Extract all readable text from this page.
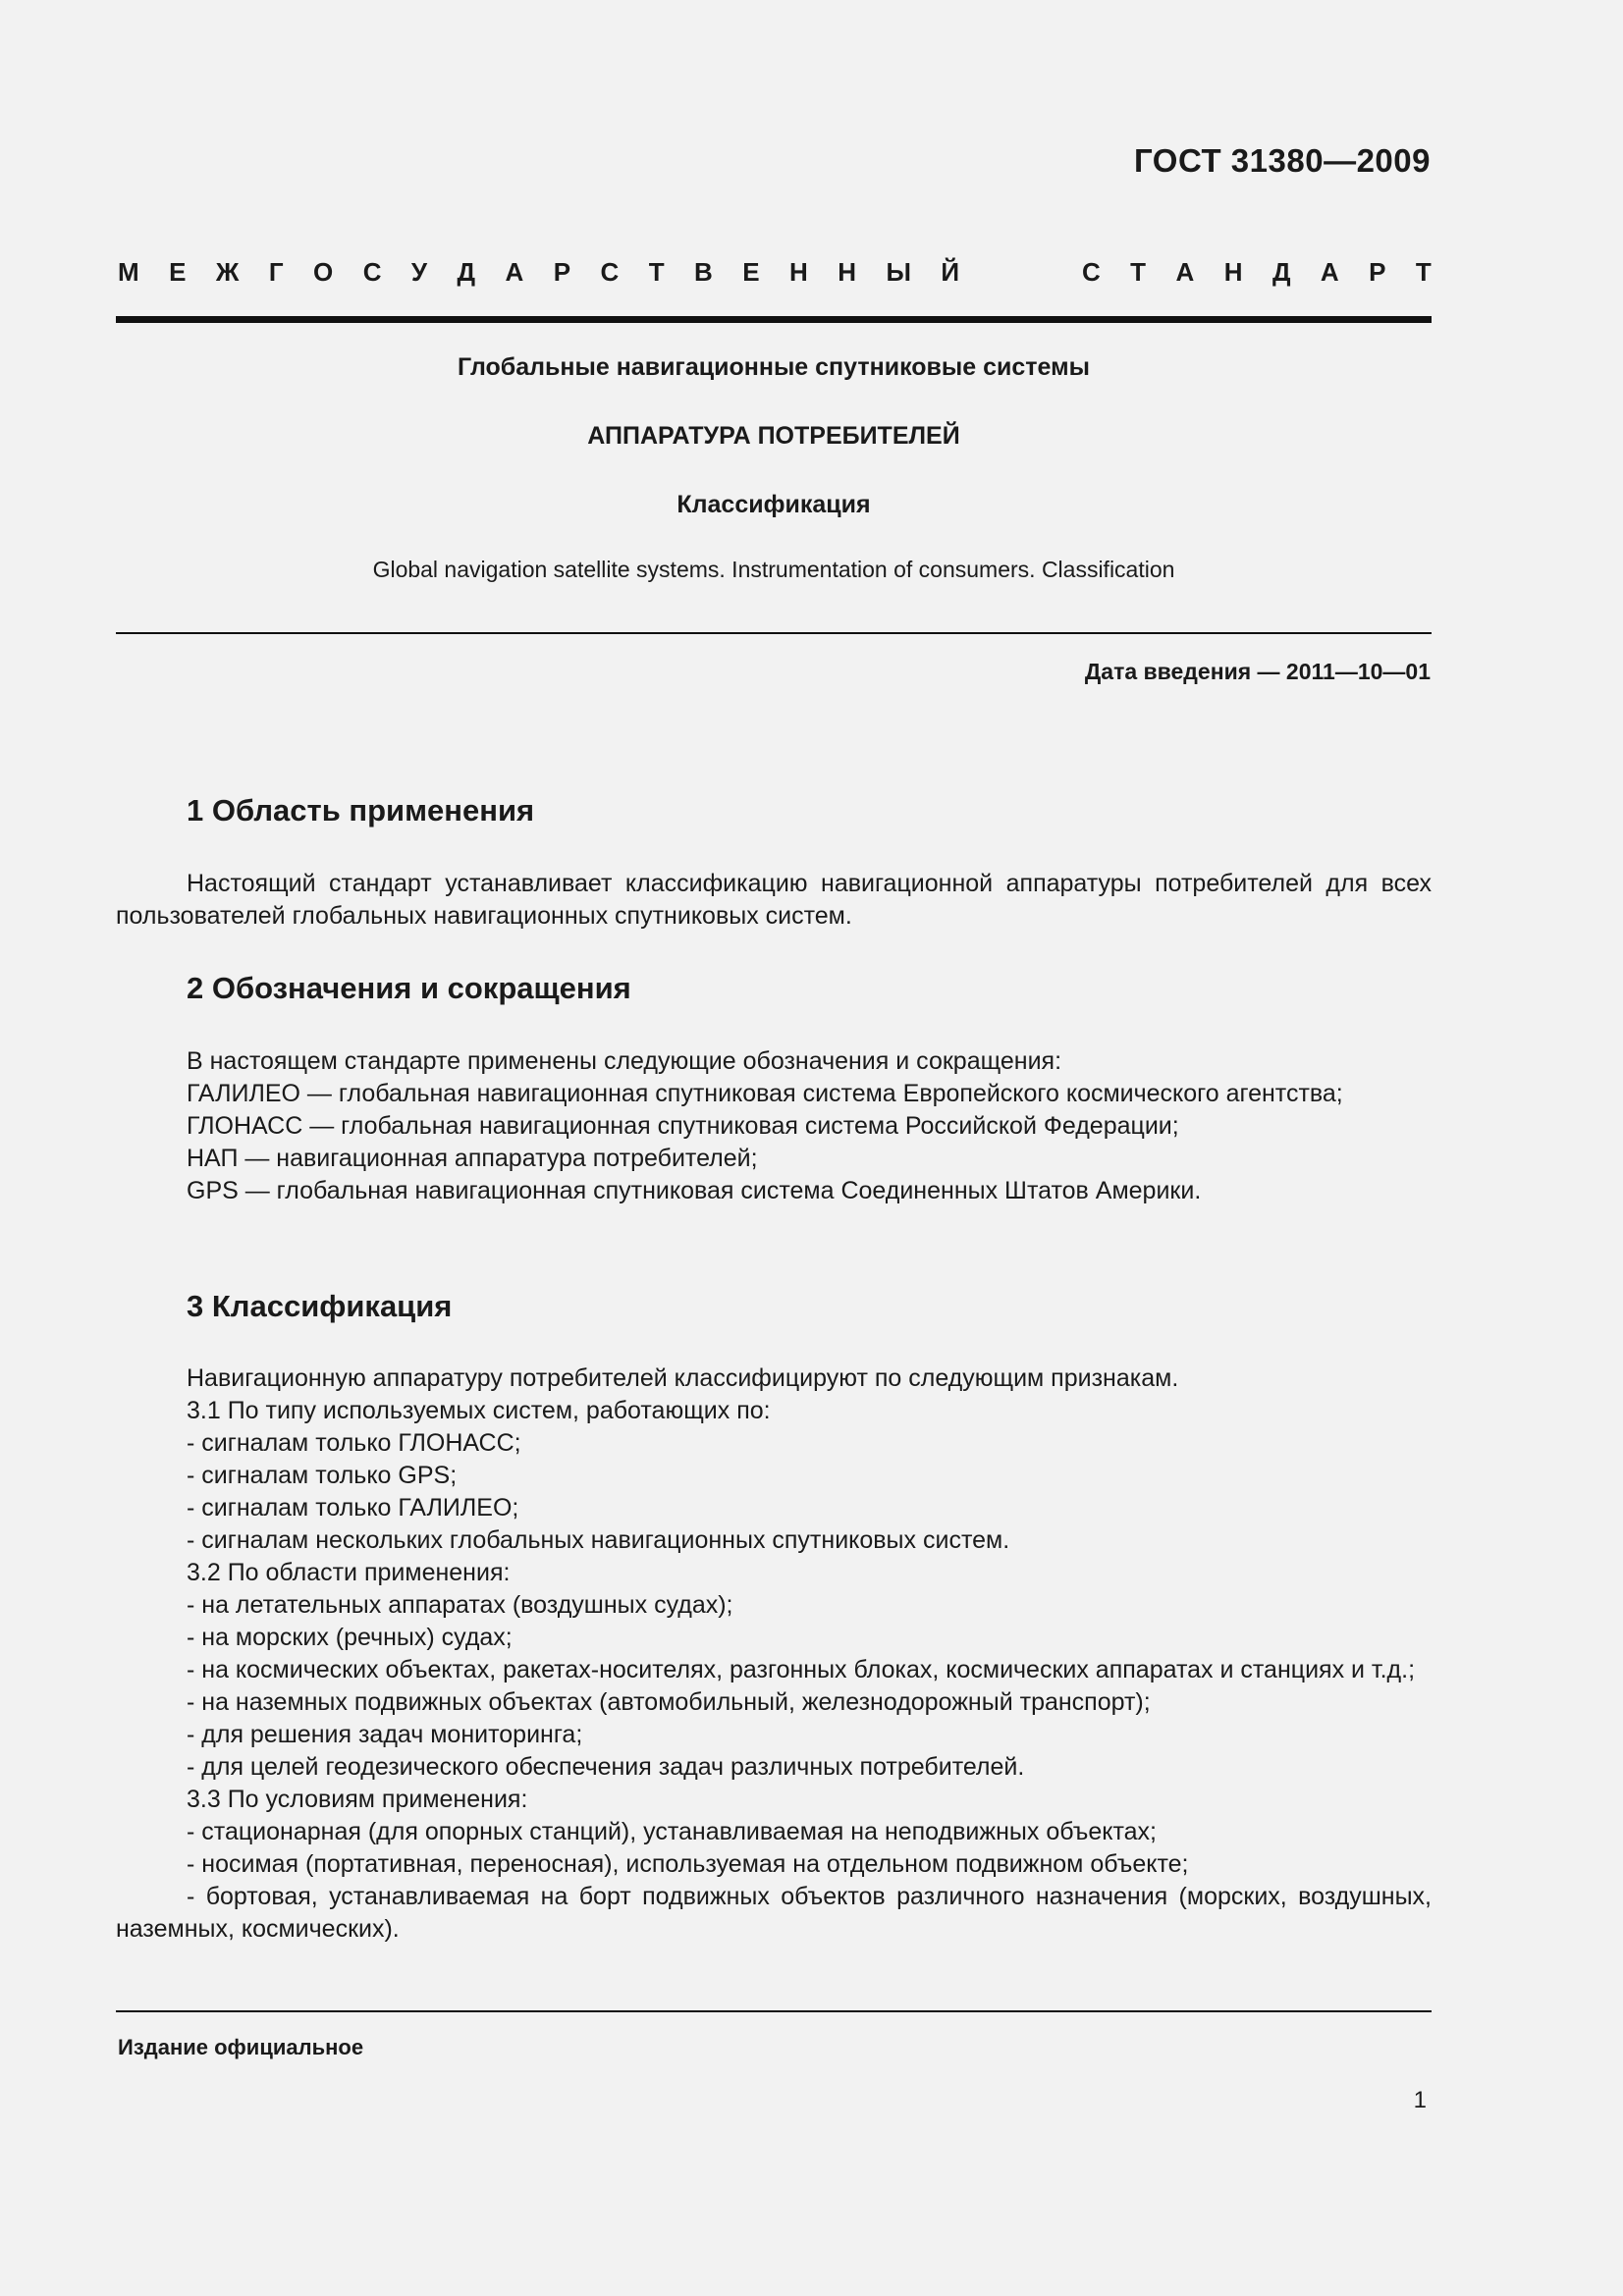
ГОСТ 31380—2009
М Е Ж Г О С У Д А Р С Т В Е Н Н Ы Й	С Т А Н Д А Р Т
Глобальные навигационные спутниковые системы
АППАРАТУРА ПОТРЕБИТЕЛЕЙ
Классификация
Global navigation satellite systems. Instrumentation of consumers. Classification
Дата введения — 2011—10—01
1 Область применения

Настоящий стандарт устанавливает классификацию навигационной аппаратуры потребителей для всех пользователей глобальных навигационных спутниковых систем.

2 Обозначения и сокращения

В настоящем стандарте применены следующие обозначения и сокращения:

ГАЛИЛЕО — глобальная навигационная спутниковая система Европейского космического агентства;

ГЛОНАСС — глобальная навигационная спутниковая система Российской Федерации;

НАП — навигационная аппаратура потребителей;

GPS — глобальная навигационная спутниковая система Соединенных Штатов Америки.

3 Классификация

Навигационную аппаратуру потребителей классифицируют по следующим признакам.

3.1 По типу используемых систем, работающих по:

- сигналам только ГЛОНАСС;

- сигналам только GPS;

- сигналам только ГАЛИЛЕО;

- сигналам нескольких глобальных навигационных спутниковых систем.

3.2 По области применения:

- на летательных аппаратах (воздушных судах);

- на морских (речных) судах;

- на космических объектах, ракетах-носителях, разгонных блоках, космических аппаратах и станциях и т.д.;

- на наземных подвижных объектах (автомобильный, железнодорожный транспорт);

- для решения задач мониторинга;

- для целей геодезического обеспечения задач различных потребителей.

3.3 По условиям применения:

- стационарная (для опорных станций), устанавливаемая на неподвижных объектах;

- носимая (портативная, переносная), используемая на отдельном подвижном объекте;

- бортовая, устанавливаемая на борт подвижных объектов различного назначения (морских, воздушных, наземных, космических).

Издание официальное
1
